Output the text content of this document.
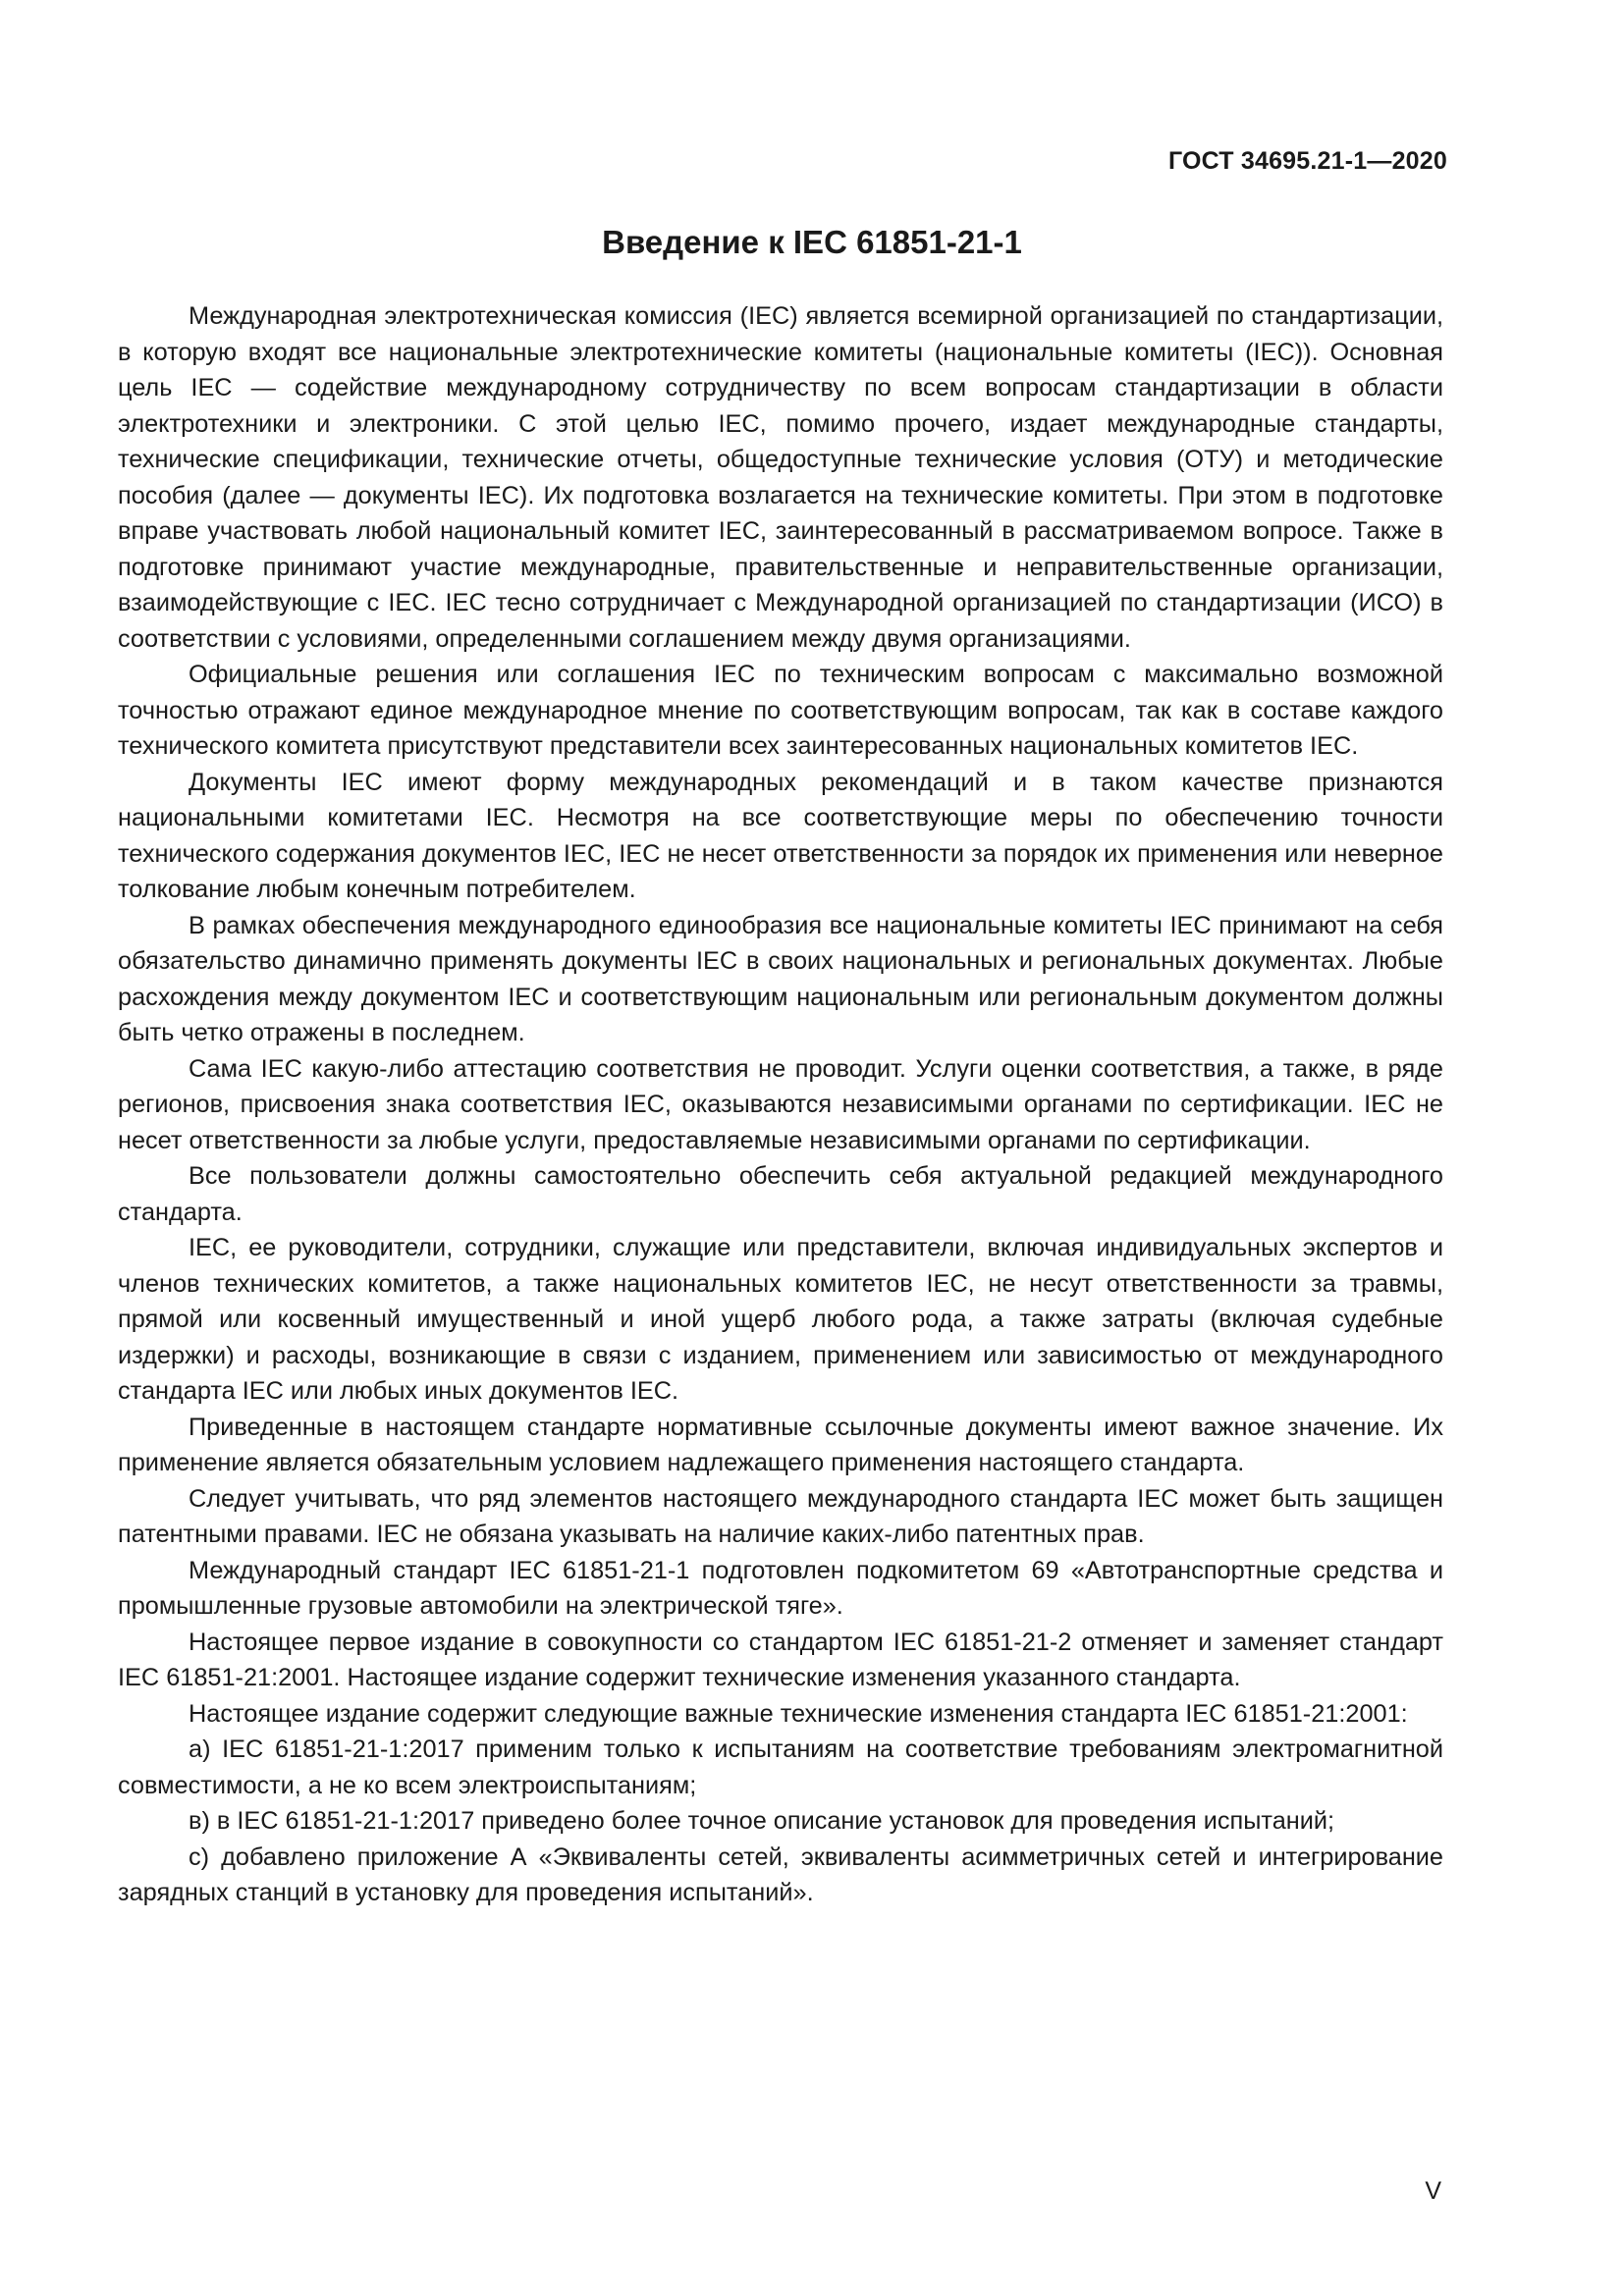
ГОСТ 34695.21-1—2020
Введение к IEC 61851-21-1

Международная электротехническая комиссия (IEC) является всемирной организацией по стандартизации, в которую входят все национальные электротехнические комитеты (национальные комитеты (IEC)). Основная цель IEC — содействие международному сотрудничеству по всем вопросам стандартизации в области электротехники и электроники. С этой целью IEC, помимо прочего, издает международные стандарты, технические спецификации, технические отчеты, общедоступные технические условия (ОТУ) и методические пособия (далее — документы IEC). Их подготовка возлагается на технические комитеты. При этом в подготовке вправе участвовать любой национальный комитет IEC, заинтересованный в рассматриваемом вопросе. Также в подготовке принимают участие международные, правительственные и неправительственные организации, взаимодействующие с IEC. IEC тесно сотрудничает с Международной организацией по стандартизации (ИСО) в соответствии с условиями, определенными соглашением между двумя организациями.

Официальные решения или соглашения IEC по техническим вопросам с максимально возможной точностью отражают единое международное мнение по соответствующим вопросам, так как в составе каждого технического комитета присутствуют представители всех заинтересованных национальных комитетов IEC.

Документы IEC имеют форму международных рекомендаций и в таком качестве признаются национальными комитетами IEC. Несмотря на все соответствующие меры по обеспечению точности технического содержания документов IEC, IEC не несет ответственности за порядок их применения или неверное толкование любым конечным потребителем.

В рамках обеспечения международного единообразия все национальные комитеты IEC принимают на себя обязательство динамично применять документы IEC в своих национальных и региональных документах. Любые расхождения между документом IEC и соответствующим национальным или региональным документом должны быть четко отражены в последнем.

Сама IEC какую-либо аттестацию соответствия не проводит. Услуги оценки соответствия, а также, в ряде регионов, присвоения знака соответствия IEC, оказываются независимыми органами по сертификации. IEC не несет ответственности за любые услуги, предоставляемые независимыми органами по сертификации.

Все пользователи должны самостоятельно обеспечить себя актуальной редакцией международного стандарта.

IEC, ее руководители, сотрудники, служащие или представители, включая индивидуальных экспертов и членов технических комитетов, а также национальных комитетов IEC, не несут ответственности за травмы, прямой или косвенный имущественный и иной ущерб любого рода, а также затраты (включая судебные издержки) и расходы, возникающие в связи с изданием, применением или зависимостью от международного стандарта IEC или любых иных документов IEC.

Приведенные в настоящем стандарте нормативные ссылочные документы имеют важное значение. Их применение является обязательным условием надлежащего применения настоящего стандарта.

Следует учитывать, что ряд элементов настоящего международного стандарта IEC может быть защищен патентными правами. IEC не обязана указывать на наличие каких-либо патентных прав.

Международный стандарт IEC 61851-21-1 подготовлен подкомитетом 69 «Автотранспортные средства и промышленные грузовые автомобили на электрической тяге».

Настоящее первое издание в совокупности со стандартом IEC 61851-21-2 отменяет и заменяет стандарт IEC 61851-21:2001. Настоящее издание содержит технические изменения указанного стандарта.

Настоящее издание содержит следующие важные технические изменения стандарта IEC 61851-21:2001:

а) IEC 61851-21-1:2017 применим только к испытаниям на соответствие требованиям электромагнитной совместимости, а не ко всем электроиспытаниям;

в) в IEC 61851-21-1:2017 приведено более точное описание установок для проведения испытаний;

с) добавлено приложение А «Эквиваленты сетей, эквиваленты асимметричных сетей и интегрирование зарядных станций в установку для проведения испытаний».

V
